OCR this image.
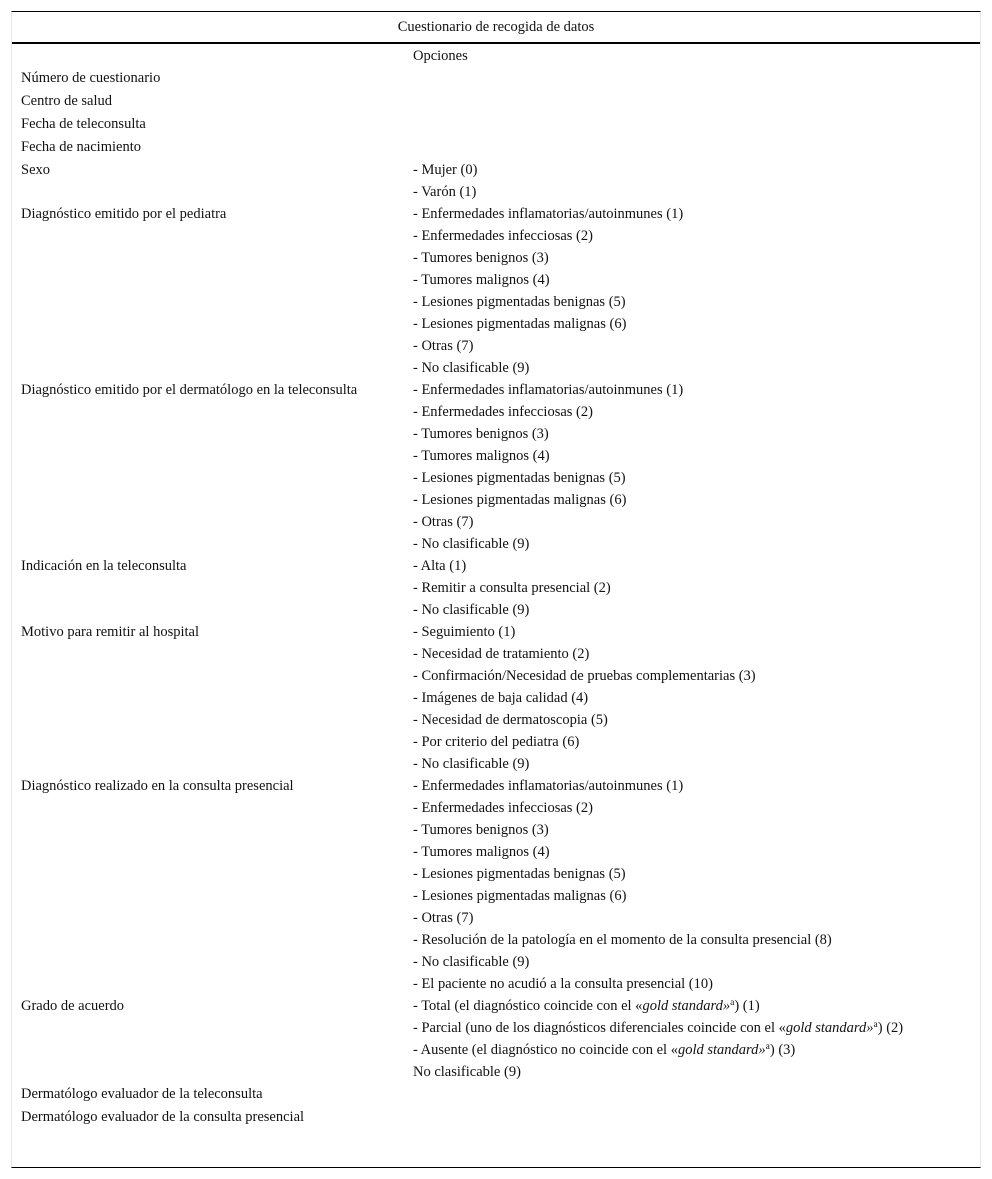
Cuestionario de recogida de datos
Opciones
Número de cuestionario
Centro de salud
Fecha de teleconsulta
Fecha de nacimiento
Sexo	- Mujer (0)
- Varón (1)
Diagnóstico emitido por el pediatra	- Enfermedades inflamatorias/autoinmunes (1)
- Enfermedades infecciosas (2)
- Tumores benignos (3)
- Tumores malignos (4)
- Lesiones pigmentadas benignas (5)
- Lesiones pigmentadas malignas (6)
- Otras (7)
- No clasificable (9)
Diagnóstico emitido por el dermatólogo en la teleconsulta	- Enfermedades inflamatorias/autoinmunes (1)
- Enfermedades infecciosas (2)
- Tumores benignos (3)
- Tumores malignos (4)
- Lesiones pigmentadas benignas (5)
- Lesiones pigmentadas malignas (6)
- Otras (7)
- No clasificable (9)
Indicación en la teleconsulta	- Alta (1)
- Remitir a consulta presencial (2)
- No clasificable (9)
Motivo para remitir al hospital	- Seguimiento (1)
- Necesidad de tratamiento (2)
- Confirmación/Necesidad de pruebas complementarias (3)
- Imágenes de baja calidad (4)
- Necesidad de dermatoscopia (5)
- Por criterio del pediatra (6)
- No clasificable (9)
Diagnóstico realizado en la consulta presencial	- Enfermedades inflamatorias/autoinmunes (1)
- Enfermedades infecciosas (2)
- Tumores benignos (3)
- Tumores malignos (4)
- Lesiones pigmentadas benignas (5)
- Lesiones pigmentadas malignas (6)
- Otras (7)
- Resolución de la patología en el momento de la consulta presencial (8)
- No clasificable (9)
- El paciente no acudió a la consulta presencial (10)
Grado de acuerdo	- Total (el diagnóstico coincide con el «gold standard»$^a$) (1)
- Parcial (uno de los diagnósticos diferenciales coincide con el «gold standard»$^a$) (2)
- Ausente (el diagnóstico no coincide con el «gold standard»$^a$) (3)
No clasificable (9)
Dermatólogo evaluador de la teleconsulta
Dermatólogo evaluador de la consulta presencial
